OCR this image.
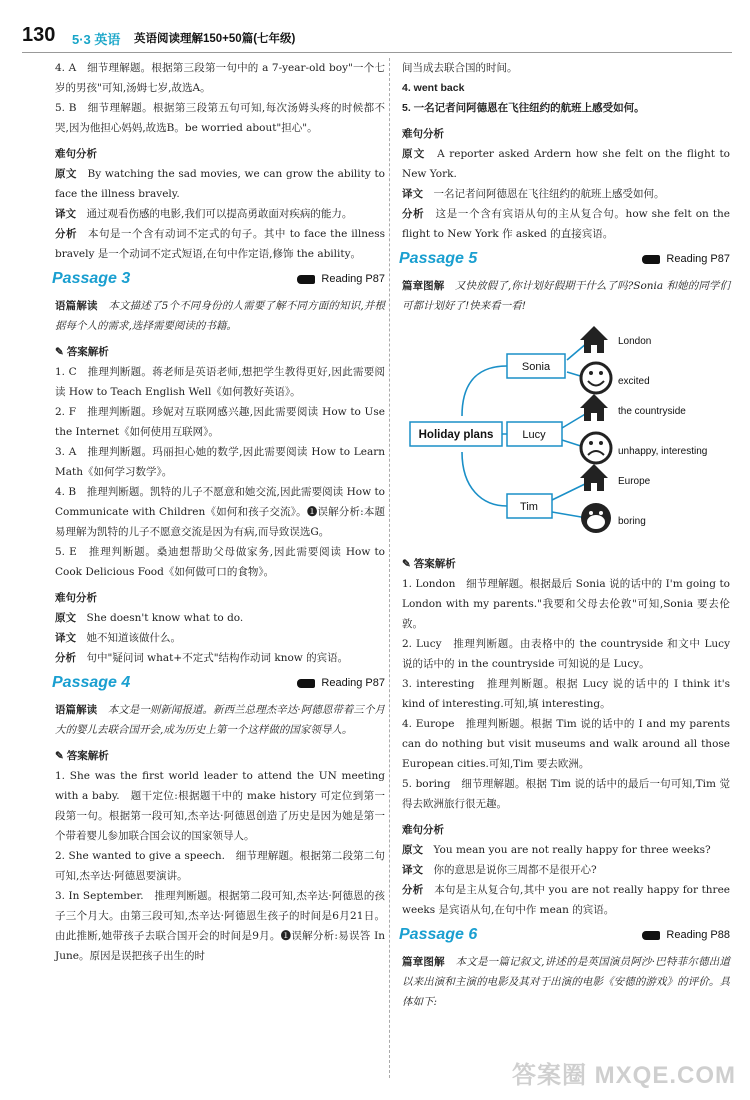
130 5·3 英语 英语阅读理解150+50篇(七年级)

4. A　细节理解题。根据第三段第一句中的 a 7-year-old boy"一个七岁的男孩"可知,汤姆七岁,故选A。

5. B　细节理解题。根据第三段第五句可知,每次汤姆头疼的时候都不哭,因为他担心妈妈,故选B。be worried about"担心"。

难句分析

原文　 By watching the sad movies, we can grow the ability to face the illness bravely.

译文　 通过观看伤感的电影,我们可以提高勇敢面对疾病的能力。

分析　 本句是一个含有动词不定式的句子。其中 to face the illness bravely 是一个动词不定式短语,在句中作定语,修饰 the ability。

Passage 3	Reading P87

语篇解读　 本文描述了5个不同身份的人需要了解不同方面的知识,并根据每个人的需求,选择需要阅读的书籍。

✎ 答案解析

1. C　推理判断题。蒋老师是英语老师,想把学生教得更好,因此需要阅读 How to Teach English Well《如何教好英语》。

2. F　推理判断题。珍妮对互联网感兴趣,因此需要阅读 How to Use the Internet《如何使用互联网》。

3. A　推理判断题。玛丽担心她的数学,因此需要阅读 How to Learn Math《如何学习数学》。

4. B　推理判断题。凯特的儿子不愿意和她交流,因此需要阅读 How to Communicate with Children《如何和孩子交流》。❶误解分析:本题易理解为凯特的儿子不愿意交流是因为有病,而导致误选G。

5. E　推理判断题。桑迪想帮助父母做家务,因此需要阅读 How to Cook Delicious Food《如何做可口的食物》。

难句分析

原文　 She doesn't know what to do.

译文　 她不知道该做什么。

分析　 句中"疑问词 what+不定式"结构作动词 know 的宾语。

Passage 4	Reading P87

语篇解读　 本文是一则新闻报道。新西兰总理杰辛达·阿德恩带着三个月大的婴儿去联合国开会,成为历史上第一个这样做的国家领导人。

✎ 答案解析

1. She was the first world leader to attend the UN meeting with a baby.　题干定位:根据题干中的 make history 可定位到第一段第一句。根据第一段可知,杰辛达·阿德恩创造了历史是因为她是第一个带着婴儿参加联合国会议的国家领导人。

2. She wanted to give a speech.　细节理解题。根据第二段第二句可知,杰辛达·阿德恩要演讲。

3. In September.　推理判断题。根据第二段可知,杰辛达·阿德恩的孩子三个月大。由第三段可知,杰辛达·阿德恩生孩子的时间是6月21日。由此推断,她带孩子去联合国开会的时间是9月。❶误解分析:易误答 In June。原因是误把孩子出生的时

间当成去联合国的时间。

4. went back

5. 一名记者问阿德恩在飞往纽约的航班上感受如何。

难句分析

原文　 A reporter asked Ardern how she felt on the flight to New York.

译文　 一名记者问阿德恩在飞往纽约的航班上感受如何。

分析　 这是一个含有宾语从句的主从复合句。how she felt on the flight to New York 作 asked 的直接宾语。

Passage 5	Reading P87

篇章图解　 又快放假了,你计划好假期干什么了吗?Sonia 和她的同学们可都计划好了!快来看一看!

Holiday plans
Sonia
Lucy
Tim
London
excited
the countryside
unhappy, interesting
Europe
boring

✎ 答案解析

1. London　细节理解题。根据最后 Sonia 说的话中的 I'm going to London with my parents."我要和父母去伦敦"可知,Sonia 要去伦敦。

2. Lucy　推理判断题。由表格中的 the countryside 和文中 Lucy 说的话中的 in the countryside 可知说的是 Lucy。

3. interesting　推理判断题。根据 Lucy 说的话中的 I think it's kind of interesting.可知,填 interesting。

4. Europe　推理判断题。根据 Tim 说的话中的 I and my parents can do nothing but visit museums and walk around all those European cities.可知,Tim 要去欧洲。

5. boring　细节理解题。根据 Tim 说的话中的最后一句可知,Tim 觉得去欧洲旅行很无趣。

难句分析

原文　 You mean you are not really happy for three weeks?

译文　 你的意思是说你三周都不是很开心?

分析　 本句是主从复合句,其中 you are not really happy for three weeks 是宾语从句,在句中作 mean 的宾语。

Passage 6	Reading P88

篇章图解　 本文是一篇记叙文,讲述的是英国演员阿沙·巴特菲尔德出道以来出演和主演的电影及其对于出演的电影《安德的游戏》的评价。具体如下:

答案圈 MXQE.COM
